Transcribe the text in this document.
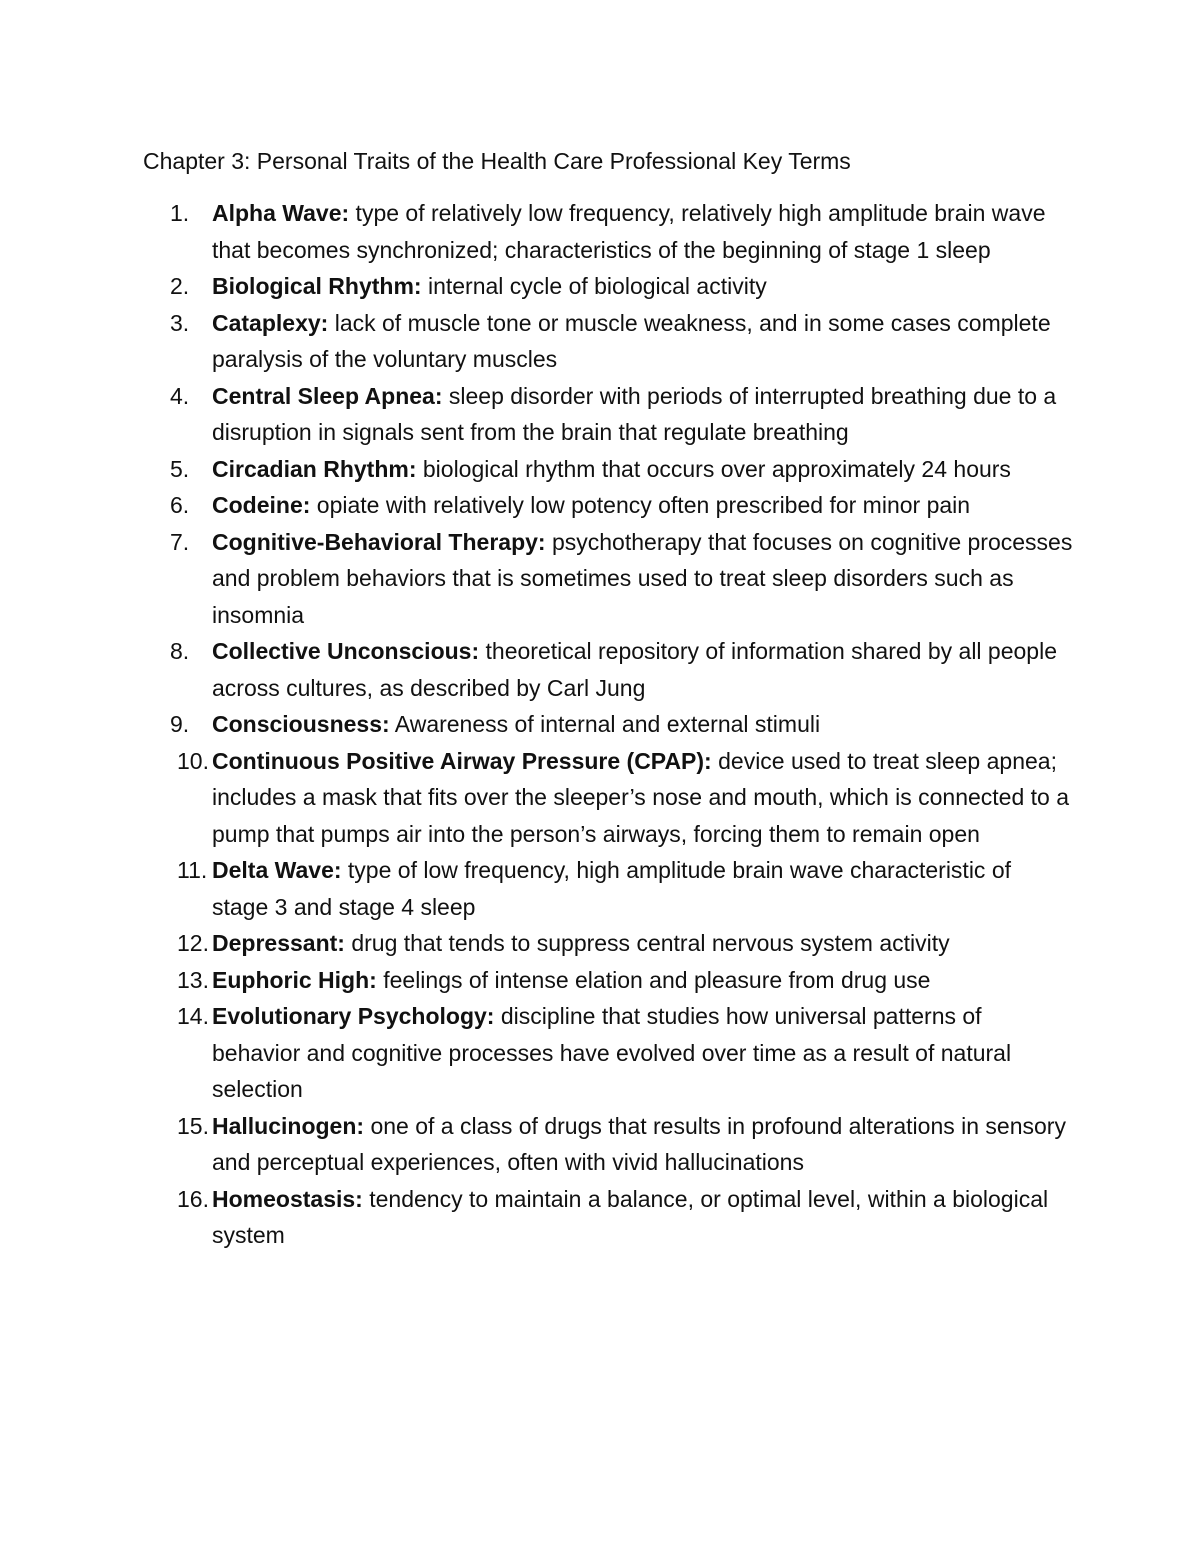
Chapter 3: Personal Traits of the Health Care Professional Key Terms
1. Alpha Wave: type of relatively low frequency, relatively high amplitude brain wave that becomes synchronized; characteristics of the beginning of stage 1 sleep
2. Biological Rhythm: internal cycle of biological activity
3. Cataplexy: lack of muscle tone or muscle weakness, and in some cases complete paralysis of the voluntary muscles
4. Central Sleep Apnea: sleep disorder with periods of interrupted breathing due to a disruption in signals sent from the brain that regulate breathing
5. Circadian Rhythm: biological rhythm that occurs over approximately 24 hours
6. Codeine: opiate with relatively low potency often prescribed for minor pain
7. Cognitive-Behavioral Therapy: psychotherapy that focuses on cognitive processes and problem behaviors that is sometimes used to treat sleep disorders such as insomnia
8. Collective Unconscious: theoretical repository of information shared by all people across cultures, as described by Carl Jung
9. Consciousness: Awareness of internal and external stimuli
10. Continuous Positive Airway Pressure (CPAP): device used to treat sleep apnea; includes a mask that fits over the sleeper’s nose and mouth, which is connected to a pump that pumps air into the person’s airways, forcing them to remain open
11. Delta Wave: type of low frequency, high amplitude brain wave characteristic of stage 3 and stage 4 sleep
12. Depressant: drug that tends to suppress central nervous system activity
13. Euphoric High: feelings of intense elation and pleasure from drug use
14. Evolutionary Psychology: discipline that studies how universal patterns of behavior and cognitive processes have evolved over time as a result of natural selection
15. Hallucinogen: one of a class of drugs that results in profound alterations in sensory and perceptual experiences, often with vivid hallucinations
16. Homeostasis: tendency to maintain a balance, or optimal level, within a biological system
